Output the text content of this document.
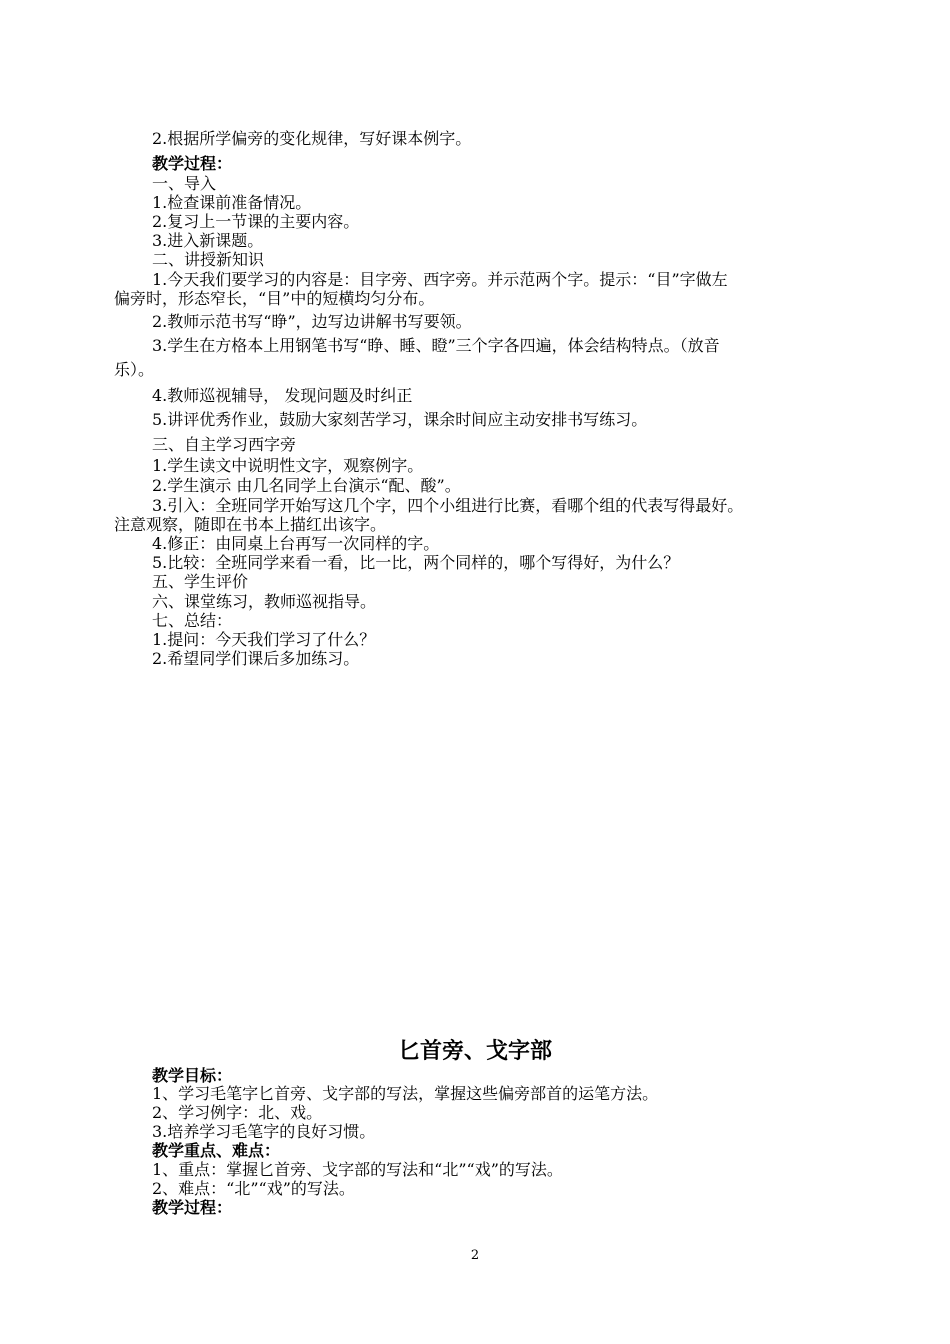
2.根据所学偏旁的变化规律，写好课本例字。
教学过程：
一、导入
1.检查课前准备情况。
2.复习上一节课的主要内容。
3.进入新课题。
二、讲授新知识
1.今天我们要学习的内容是：目字旁、西字旁。并示范两个字。提示：“目”字做左
偏旁时，形态窄长，“目”中的短横均匀分布。
2.教师示范书写“睁”，边写边讲解书写要领。
3.学生在方格本上用钢笔书写“睁、睡、瞪”三个字各四遍，体会结构特点。（放音
乐）。
4.教师巡视辅导， 发现问题及时纠正
5.讲评优秀作业，鼓励大家刻苦学习，课余时间应主动安排书写练习。
三、自主学习西字旁
1.学生读文中说明性文字，观察例字。
2.学生演示 由几名同学上台演示“配、酸”。
3.引入：全班同学开始写这几个字，四个小组进行比赛，看哪个组的代表写得最好。
注意观察，随即在书本上描红出该字。
4.修正：由同桌上台再写一次同样的字。
5.比较：全班同学来看一看，比一比，两个同样的，哪个写得好，为什么？
五、学生评价
六、课堂练习，教师巡视指导。
七、总结：
1.提问：今天我们学习了什么？
2.希望同学们课后多加练习。
匕首旁、戈字部
教学目标：
1、学习毛笔字匕首旁、戈字部的写法，掌握这些偏旁部首的运笔方法。
2、学习例字：北、戏。
3.培养学习毛笔字的良好习惯。
教学重点、难点：
1、重点：掌握匕首旁、戈字部的写法和“北”“戏”的写法。
2、难点：“北”“戏”的写法。
教学过程：
2
